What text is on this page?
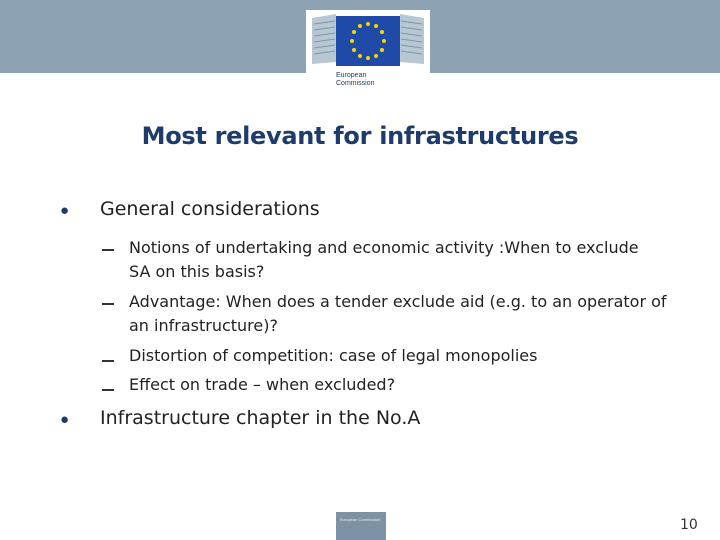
European
Commission
Most relevant for infrastructures
● General considerations
Notions of undertaking and economic activity :When to exclude
SA on this basis?
Advantage: When does a tender exclude aid (e.g. to an operator of
an infrastructure)?
Distortion of competition: case of legal monopolies
Effect on trade – when excluded?
● Infrastructure chapter in the No.A
European Commission	10
